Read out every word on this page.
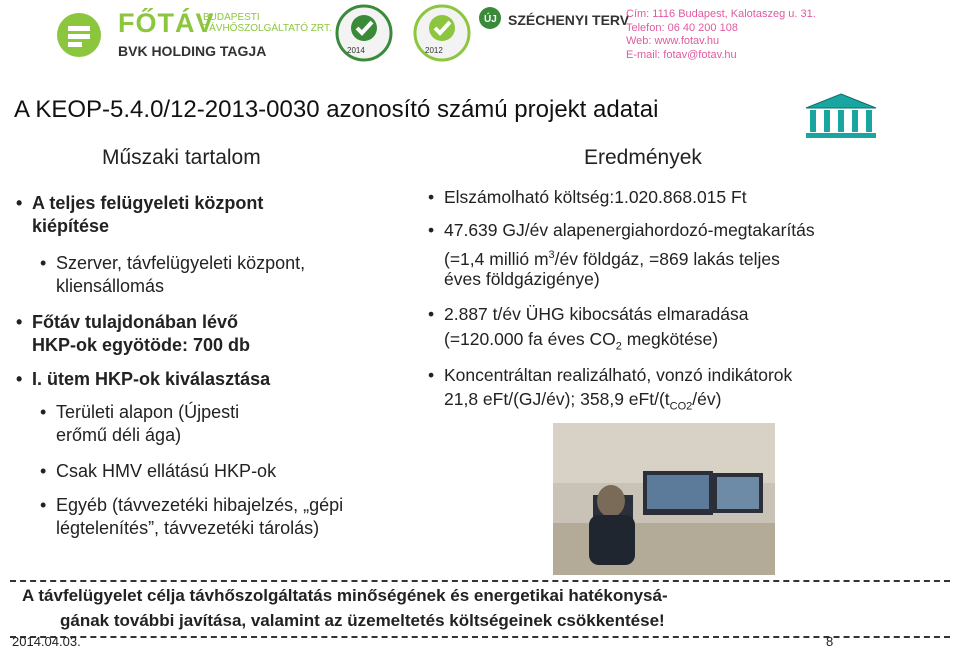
FŐTÁV
BUDAPESTI
TÁVHŐSZOLGÁLTATÓ ZRT.
BVK HOLDING TAGJA	2014	2012
ÚJ SZÉCHENYI TERV
Cím: 1116 Budapest, Kalotaszeg u. 31.
Telefon: 06 40 200 108
Web: www.fotav.hu
E-mail: fotav@fotav.hu
A KEOP-5.4.0/12-2013-0030 azonosító számú projekt adatai
Műszaki tartalom
• A teljes felügyeleti központ
kiépítése
• Szerver, távfelügyeleti központ,
kliensállomás
• Főtáv tulajdonában lévő
HKP-ok egyötöde: 700 db
• I. ütem HKP-ok kiválasztása
• Területi alapon (Újpesti
erőmű déli ága)
• Csak HMV ellátású HKP-ok
• Egyéb (távvezetéki hibajelzés, „gépi
légtelenítés”, távvezetéki tárolás)
Eredmények
• Elszámolható költség:1.020.868.015 Ft
• 47.639 GJ/év alapenergiahordozó-megtakarítás
(=1,4 millió $m^3/év$ földgáz, =869 lakás teljes
éves földgázigénye)
• 2.887 t/év ÜHG kibocsátás elmaradása
(=120.000 fa éves $CO_2$ megkötése)
• Koncentráltan realizálható, vonzó indikátorok
21,8 eFt/(GJ/év); 358,9 eFt/$(t_{CO2}/év)$
A távfelügyelet célja távhőszolgáltatás minőségének és energetikai hatékonysá-
gának további javítása, valamint az üzemeltetés költségeinek csökkentése!
2014.04.03.	8
